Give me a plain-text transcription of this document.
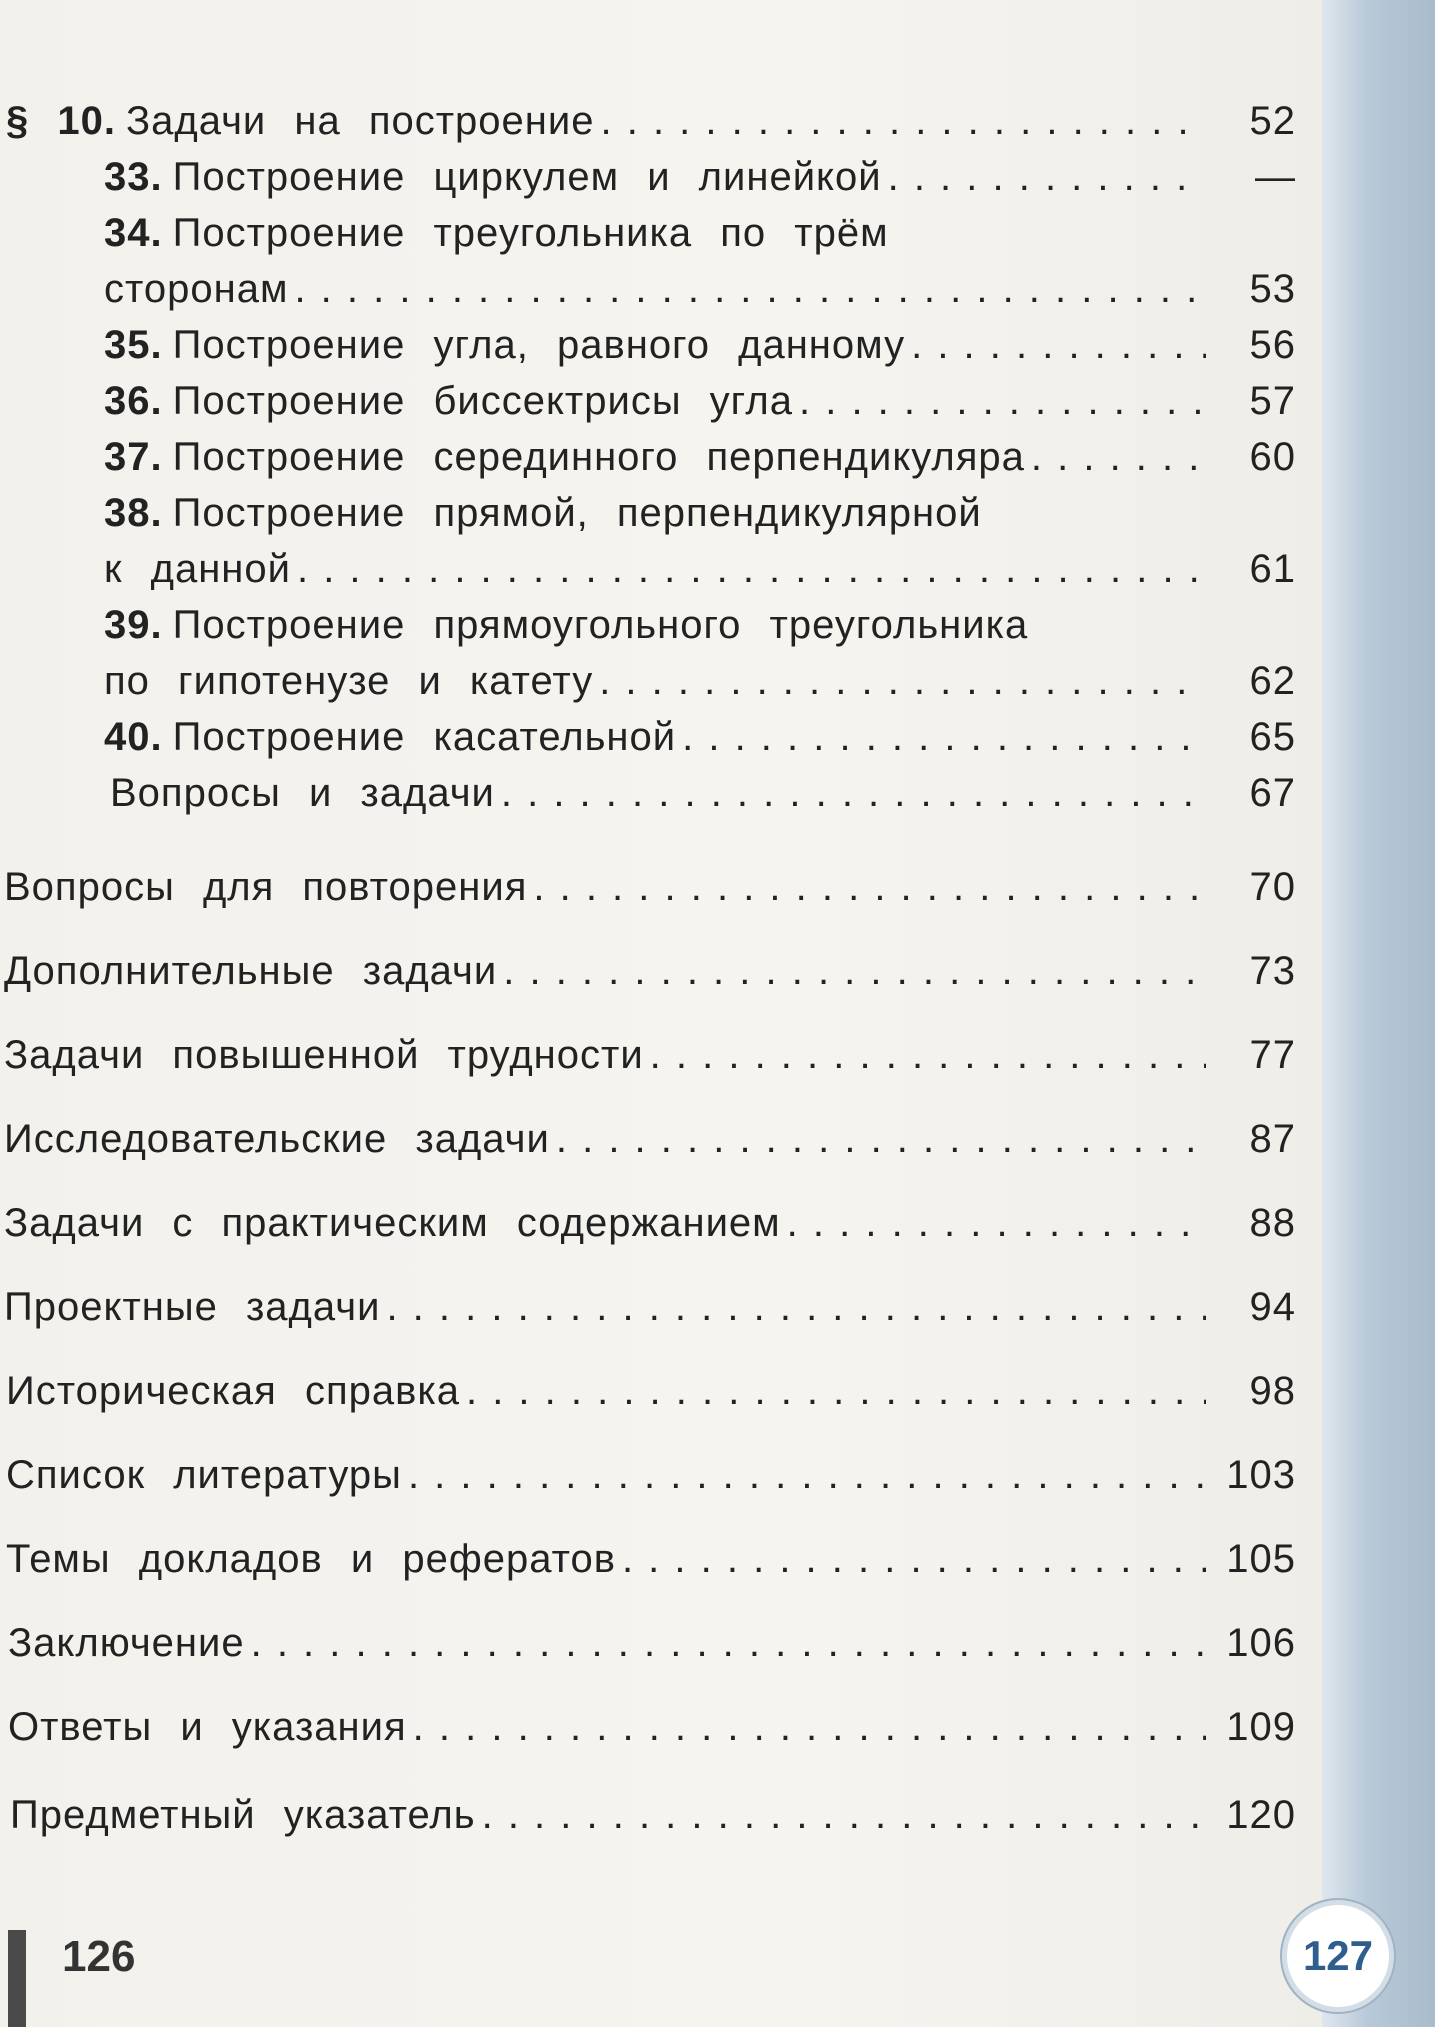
§ 10. Задачи на построение . . .	52
33. Построение циркулем и линейкой . . .	—
34. Построение треугольника по трём
сторонам . . .	53
35. Построение угла, равного данному . . .	56
36. Построение биссектрисы угла . . .	57
37. Построение серединного перпендикуляра . . .	60
38. Построение прямой, перпендикулярной
к данной . . .	61
39. Построение прямоугольного треугольника
по гипотенузе и катету . . .	62
40. Построение касательной . . .	65
Вопросы и задачи . . .	67
Вопросы для повторения . . .	70
Дополнительные задачи . . .	73
Задачи повышенной трудности . . .	77
Исследовательские задачи . . .	87
Задачи с практическим содержанием . . .	88
Проектные задачи . . .	94
Историческая справка . . .	98
Список литературы . . .	103
Темы докладов и рефератов . . .	105
Заключение . . .	106
Ответы и указания . . .	109
Предметный указатель . . .	120
126	127
